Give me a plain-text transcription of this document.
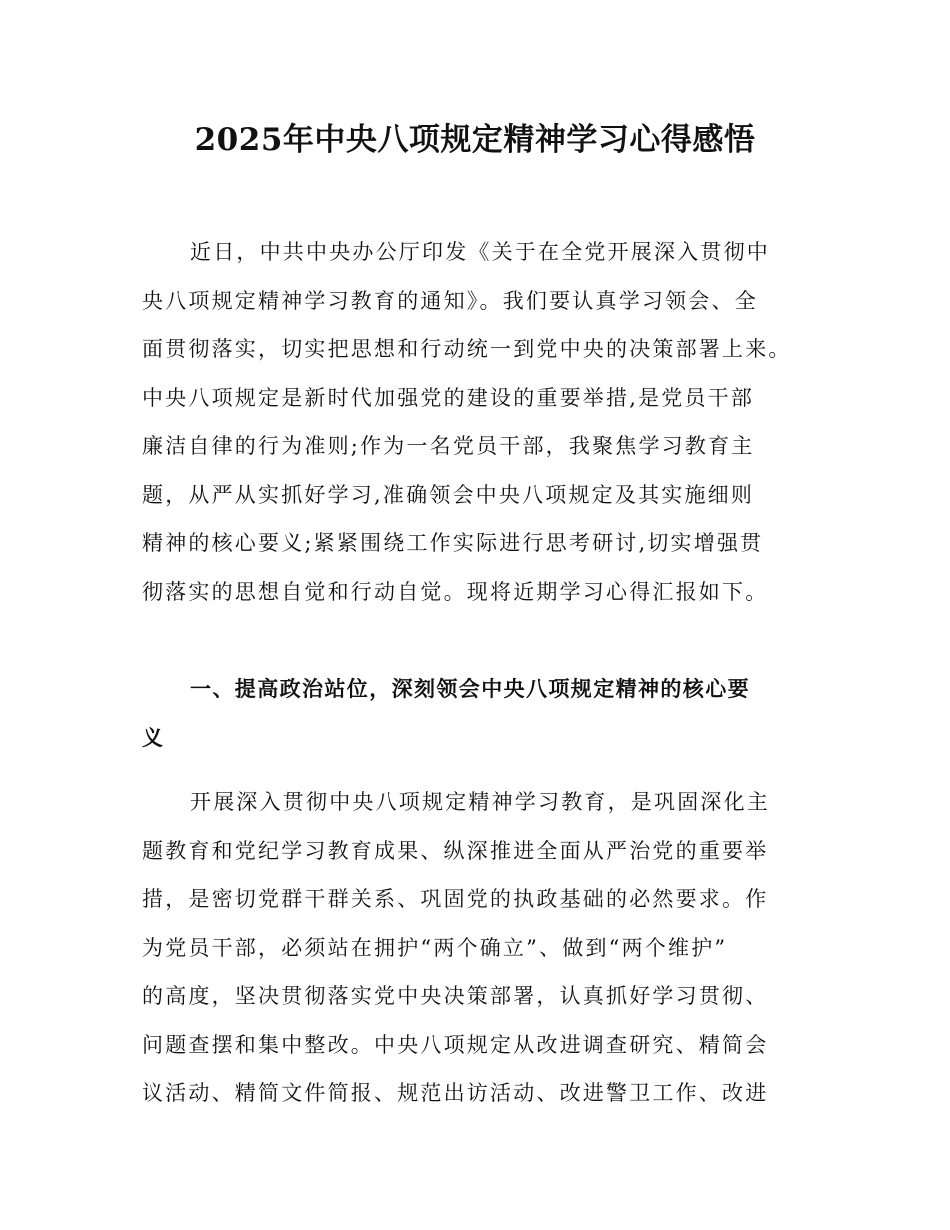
2025年中央八项规定精神学习心得感悟

近日，中共中央办公厅印发《关于在全党开展深入贯彻中

央八项规定精神学习教育的通知》。我们要认真学习领会、全

面贯彻落实，切实把思想和行动统一到党中央的决策部署上来。

中央八项规定是新时代加强党的建设的重要举措,是党员干部

廉洁自律的行为准则;作为一名党员干部，我聚焦学习教育主

题，从严从实抓好学习,准确领会中央八项规定及其实施细则

精神的核心要义;紧紧围绕工作实际进行思考研讨,切实增强贯

彻落实的思想自觉和行动自觉。现将近期学习心得汇报如下。

一、提高政治站位，深刻领会中央八项规定精神的核心要

义

开展深入贯彻中央八项规定精神学习教育，是巩固深化主

题教育和党纪学习教育成果、纵深推进全面从严治党的重要举

措，是密切党群干群关系、巩固党的执政基础的必然要求。作

为党员干部，必须站在拥护“两个确立”、做到“两个维护”

的高度，坚决贯彻落实党中央决策部署，认真抓好学习贯彻、

问题查摆和集中整改。中央八项规定从改进调查研究、精简会

议活动、精简文件简报、规范出访活动、改进警卫工作、改进
